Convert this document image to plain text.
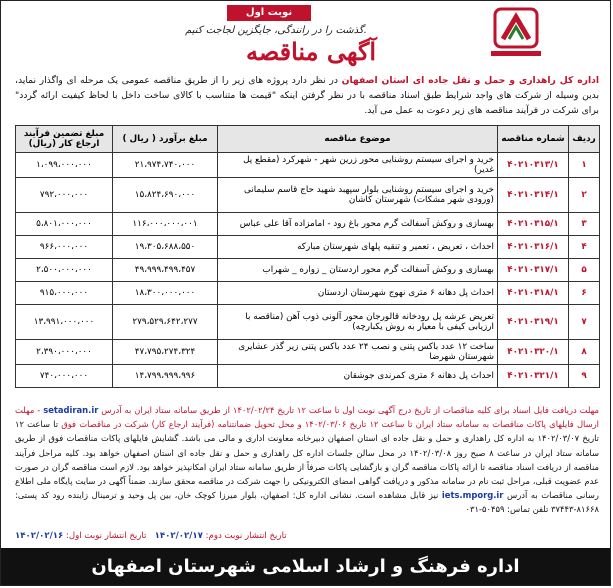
نوبت اول
گذشت را در رانندگی، جایگزین لجاجت کنیم.
آگهی مناقصه
اداره کل راهداری و حمل و نقل جاده ای استان اصفهان در نظر دارد پروژه های زیر را از طریق مناقصه عمومی یک مرحله ای واگذار نماید، بدین وسیله از شرکت های واجد شرایط طبق اسناد مناقصه با در نظر گرفتن اینکه "قیمت ها متناسب با کالای ساخت داخل با لحاظ کیفیت ارائه گردد" برای شرکت در فرآیند مناقصه های زیر دعوت به عمل می آید.
ردیف	شماره مناقصه	موضوع مناقصه	مبلغ برآورد ( ریال )	مبلغ تضمین فرآیند ارجاع کار (ریال)
۱	۴۰۲۱۰۳۱۳/۱	خرید و اجرای سیستم روشنایی محور زرین شهر - شهرکرد (مقطع پل غدیر)	۲۱،۹۷۴،۷۴۰،۰۰۰	۱،۰۹۹،۰۰۰،۰۰۰
۲	۴۰۲۱۰۳۱۴/۱	خرید و اجرای سیستم روشنایی بلوار سپهبد شهید حاج قاسم سلیمانی (ورودی شهر مشکات) شهرستان کاشان	۱۵،۸۲۴،۶۹۰،۰۰۰	۷۹۲،۰۰۰،۰۰۰
۳	۴۰۲۱۰۳۱۵/۱	بهسازی و روکش آسفالت گرم محور باغ رود - امامزاده آقا علی عباس	۱۱۶،۰۰۰،۰۰۰،۰۰۱	۵،۸۰۱،۰۰۰،۰۰۰
۴	۴۰۲۱۰۳۱۶/۱	احداث ، تعریض ، تعمیر و تنقیه پلهای شهرستان مبارکه	۱۹،۳۰۵،۶۸۸،۵۵۰	۹۶۶،۰۰۰،۰۰۰
۵	۴۰۲۱۰۳۱۷/۱	بهسازی و روکش آسفالت گرم محور اردستان _ زواره _ شهراب	۴۹،۹۹۹،۴۹۹،۴۵۷	۲،۵۰۰،۰۰۰،۰۰۰
۶	۴۰۲۱۰۳۱۸/۱	احداث پل دهانه ۶ متری نهوج شهرستان اردستان	۱۸،۳۰۰،۰۰۰،۰۰۰	۹۱۵،۰۰۰،۰۰۰
۷	۴۰۲۱۰۳۱۹/۱	تعریض عرشه پل رودخانه قالورجان محور آلونی ذوب آهن (مناقصه با ارزیابی کیفی با معیار به روش یکبارچه)	۲۷۹،۵۲۹،۶۴۲،۲۷۷	۱۳،۹۹۱،۰۰۰،۰۰۰
۸	۴۰۲۱۰۳۲۰/۱	ساخت ۱۲ عدد باکس پتنی و نصب ۲۴ عدد باکس پتنی زیر گذر عشایری شهرستان شهرضا	۴۷،۷۹۵،۲۷۴،۳۲۴	۲،۳۹۰،۰۰۰،۰۰۰
۹	۴۰۲۱۰۳۲۱/۱	احداث پل دهانه ۶ متری کمرندی جوشقان	۱۴،۷۹۹،۹۹۹،۹۹۶	۷۴۰،۰۰۰،۰۰۰
مهلت دریافت فایل اسناد برای کلیه مناقصات از تاریخ درج آگهی نوبت اول تا ساعت ۱۲ تاریخ ۱۴۰۲/۰۲/۲۴ از طریق سامانه ستاد ایران به آدرس setadiran.ir - مهلت ارسال فایلهای پاکات مناقصات به سامانه ستاد ایران تا ساعت ۱۲ تاریخ ۱۴۰۲/۰۳/۰۶ و محل تحویل ضمانتنامه (فرآیند ارجاع کار) شرکت در مناقصات فوق تا ساعت ۱۲ تاریخ ۱۴۰۲/۰۳/۰۷ به اداره کل راهداری و حمل و نقل جاده ای استان اصفهان دبیرخانه معاونت اداری و مالی می باشد. گشایش فایلهای پاکات مناقصات فوق از طریق سامانه ستاد ایران در ساعت ۸ صبح روز ۱۴۰۲/۰۳/۰۸ در محل سالن جلسات اداره کل راهداری و حمل و نقل جاده ای استان اصفهان خواهد بود. کلیه مراحل فرآیند مناقصه از دریافت اسناد مناقصه تا ارائه پاکات مناقصه گران و بازگشایی پاکات صرفاً از طریق سامانه ستاد ایران امکانپذیر خواهد بود. لازم است مناقصه گران در صورت عدم عضویت قبلی، مراحل ثبت نام در سامانه مذکور و دریافت گواهی امضای الکترونیکی را جهت شرکت در مناقصه محقق سازند. ضمناً آگهی در سایت پایگاه ملی اطلاع رسانی مناقصات به آدرس iets.mporg.ir نیز قابل مشاهده است. نشانی اداره کل: اصفهان، بلوار میرزا کوچک خان، بین پل وحید و ترمینال زاینده رود کد پستی: ۸۱۶۶۸-۳۷۴۴۳ تلفن تماس: ۵۰۴۵۹-۰۳۱
تاریخ انتشار نوبت دوم: ۱۴۰۲/۰۲/۱۷   تاریخ انتشار نوبت اول: ۱۴۰۲/۰۲/۱۶
اداره فرهنگ و ارشاد اسلامی شهرستان اصفهان
